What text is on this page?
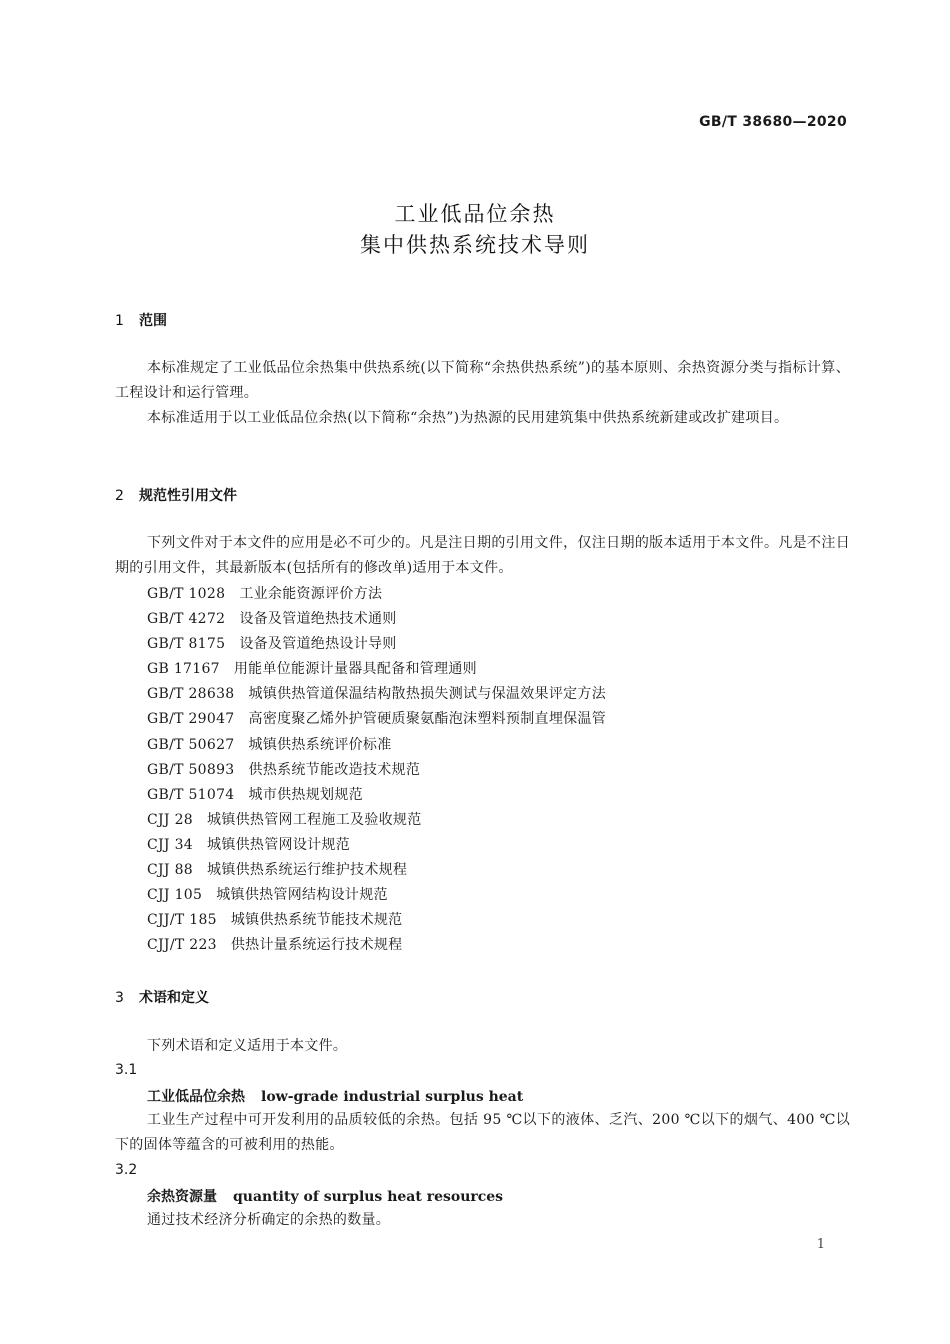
GB/T 38680—2020
工业低品位余热
集中供热系统技术导则
1 范围

本标准规定了工业低品位余热集中供热系统(以下简称“余热供热系统”)的基本原则、余热资源分类与指标计算、工程设计和运行管理。

本标准适用于以工业低品位余热(以下简称“余热”)为热源的民用建筑集中供热系统新建或改扩建项目。

2 规范性引用文件

下列文件对于本文件的应用是必不可少的。凡是注日期的引用文件，仅注日期的版本适用于本文件。凡是不注日期的引用文件，其最新版本(包括所有的修改单)适用于本文件。

GB/T 1028 工业余能资源评价方法
GB/T 4272 设备及管道绝热技术通则
GB/T 8175 设备及管道绝热设计导则
GB 17167 用能单位能源计量器具配备和管理通则
GB/T 28638 城镇供热管道保温结构散热损失测试与保温效果评定方法
GB/T 29047 高密度聚乙烯外护管硬质聚氨酯泡沫塑料预制直埋保温管
GB/T 50627 城镇供热系统评价标准
GB/T 50893 供热系统节能改造技术规范
GB/T 51074 城市供热规划规范
CJJ 28 城镇供热管网工程施工及验收规范
CJJ 34 城镇供热管网设计规范
CJJ 88 城镇供热系统运行维护技术规程
CJJ 105 城镇供热管网结构设计规范
CJJ/T 185 城镇供热系统节能技术规范
CJJ/T 223 供热计量系统运行技术规程
3 术语和定义

下列术语和定义适用于本文件。

3.1
工业低品位余热 low-grade industrial surplus heat

工业生产过程中可开发利用的品质较低的余热。包括 95 ℃以下的液体、乏汽、200 ℃以下的烟气、400 ℃以下的固体等蕴含的可被利用的热能。

3.2
余热资源量 quantity of surplus heat resources

通过技术经济分析确定的余热的数量。

1
